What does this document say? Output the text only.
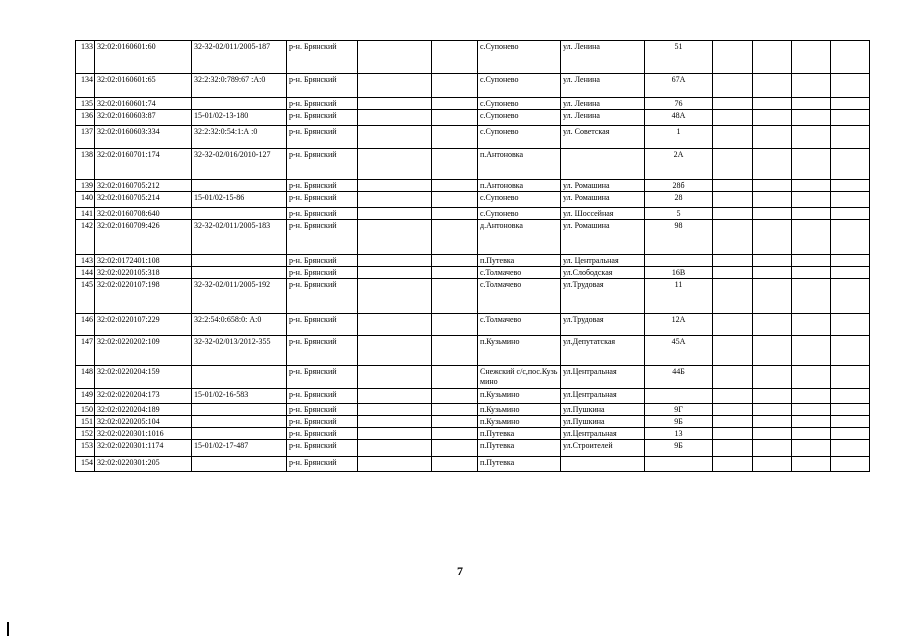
133	32:02:0160601:60	32-32-02/011/2005-187	р-н. Брянский			с.Супонево	ул. Ленина	51				
134	32:02:0160601:65	32:2:32:0:789:67 :А:0	р-н. Брянский			с.Супонево	ул. Ленина	67А				
135	32:02:0160601:74		р-н. Брянский			с.Супонево	ул. Ленина	76				
136	32:02:0160603:87	15-01/02-13-180	р-н. Брянский			с.Супонево	ул. Ленина	48А				
137	32:02:0160603:334	32:2:32:0:54:1:А :0	р-н. Брянский			с.Супонево	ул. Советская	1				
138	32:02:0160701:174	32-32-02/016/2010-127	р-н. Брянский			п.Антоновка		2А				
139	32:02:0160705:212		р-н. Брянский			п.Антоновка	ул. Ромашина	28б				
140	32:02:0160705:214	15-01/02-15-86	р-н. Брянский			с.Супонево	ул. Ромашина	28				
141	32:02:0160708:640		р-н. Брянский			с.Супонево	ул. Шоссейная	5				
142	32:02:0160709:426	32-32-02/011/2005-183	р-н. Брянский			д.Антоновка	ул. Ромашина	98				
143	32:02:0172401:108		р-н. Брянский			п.Путевка	ул. Центральная					
144	32:02:0220105:318		р-н. Брянский			с.Толмачево	ул.Слободская	16В				
145	32:02:0220107:198	32-32-02/011/2005-192	р-н. Брянский			с.Толмачево	ул.Трудовая	11				
146	32:02:0220107:229	32:2:54:0:658:0: А:0	р-н. Брянский			с.Толмачево	ул.Трудовая	12А				
147	32:02:0220202:109	32-32-02/013/2012-355	р-н. Брянский			п.Кузьмино	ул.Депутатская	45А				
148	32:02:0220204:159		р-н. Брянский			Снежский с/с,пос.Кузьмино	ул.Центральная	44Б				
149	32:02:0220204:173	15-01/02-16-583	р-н. Брянский			п.Кузьмино	ул.Центральная					
150	32:02:0220204:189		р-н. Брянский			п.Кузьмино	ул.Пушкина	9Г				
151	32:02:0220205:104		р-н. Брянский			п.Кузьмино	ул.Пушкина	9Б				
152	32:02:0220301:1016		р-н. Брянский			п.Путевка	ул.Центральная	13				
153	32:02:0220301:1174	15-01/02-17-487	р-н. Брянский			п.Путевка	ул.Строителей	9Б				
154	32:02:0220301:205		р-н. Брянский			п.Путевка						
7
